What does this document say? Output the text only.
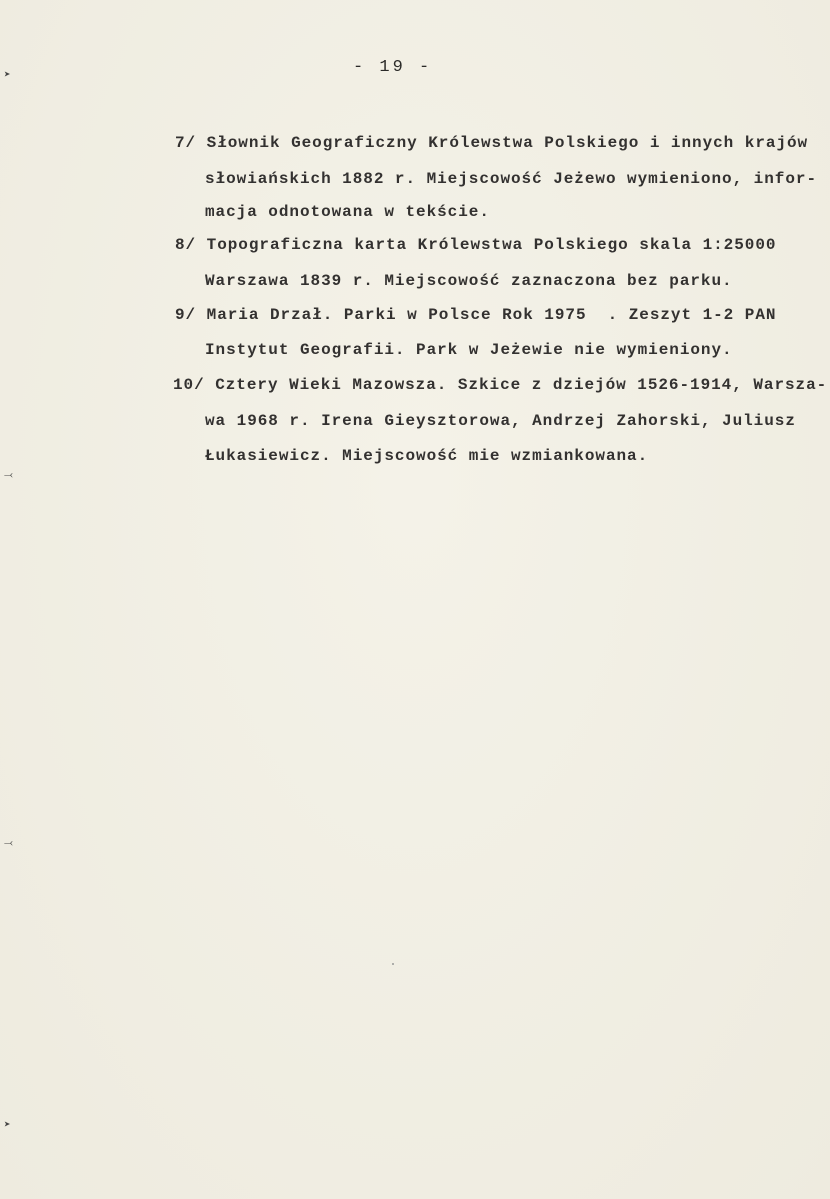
➤
⤙
⤙
➤
- 19 -
7/ Słownik Geograficzny Królewstwa Polskiego i innych krajów
słowiańskich 1882 r. Miejscowość Jeżewo wymieniono, infor-
macja odnotowana w tekście.
8/ Topograficzna karta Królewstwa Polskiego skala 1:25000
Warszawa 1839 r. Miejscowość zaznaczona bez parku.
9/ Maria Drzał. Parki w Polsce Rok 1975  . Zeszyt 1-2 PAN
Instytut Geografii. Park w Jeżewie nie wymieniony.
10/ Cztery Wieki Mazowsza. Szkice z dziejów 1526-1914, Warsza-
wa 1968 r. Irena Gieysztorowa, Andrzej Zahorski, Juliusz
Łukasiewicz. Miejscowość mie wzmiankowana.
